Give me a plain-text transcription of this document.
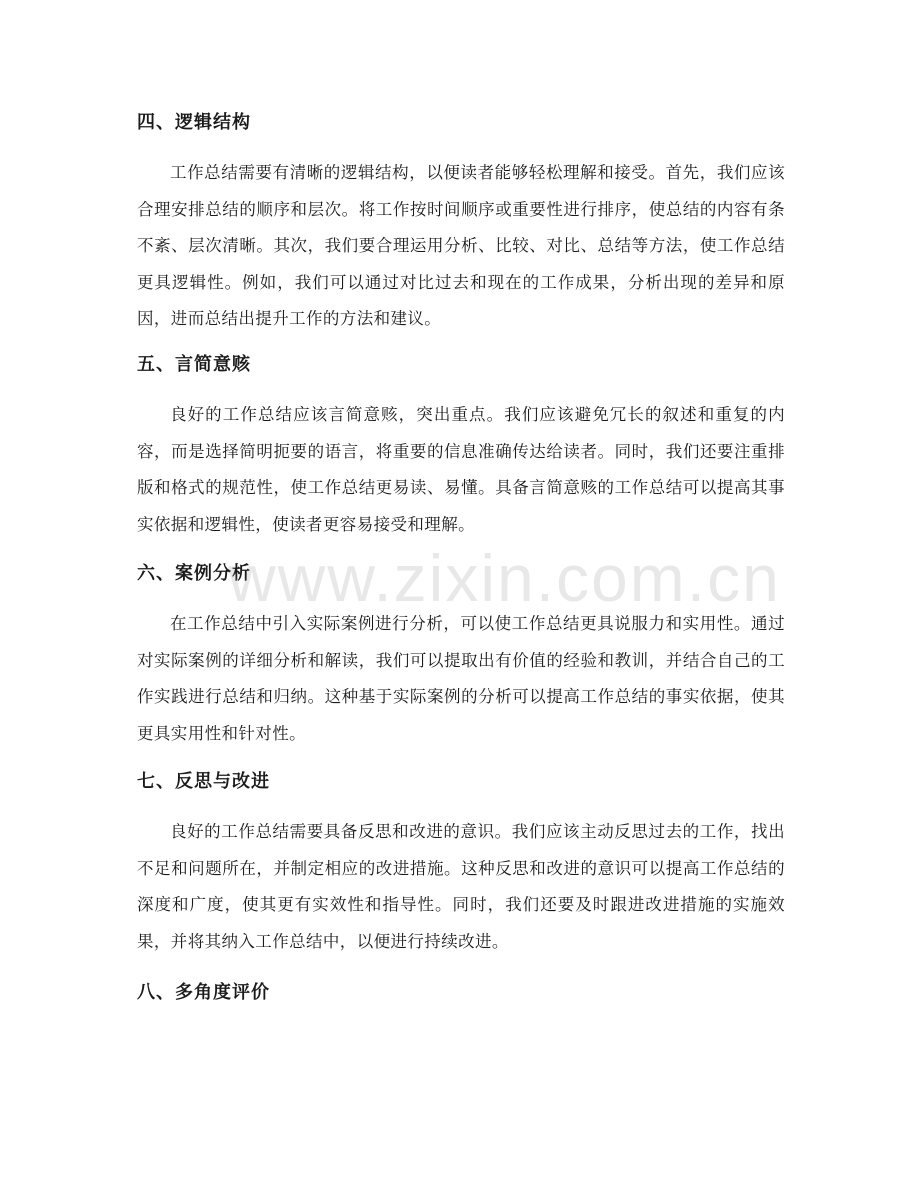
四、逻辑结构

工作总结需要有清晰的逻辑结构，以便读者能够轻松理解和接受。首先，我们应该合理安排总结的顺序和层次。将工作按时间顺序或重要性进行排序，使总结的内容有条不紊、层次清晰。其次，我们要合理运用分析、比较、对比、总结等方法，使工作总结更具逻辑性。例如，我们可以通过对比过去和现在的工作成果，分析出现的差异和原因，进而总结出提升工作的方法和建议。

五、言简意赅

良好的工作总结应该言简意赅，突出重点。我们应该避免冗长的叙述和重复的内容，而是选择简明扼要的语言，将重要的信息准确传达给读者。同时，我们还要注重排版和格式的规范性，使工作总结更易读、易懂。具备言简意赅的工作总结可以提高其事实依据和逻辑性，使读者更容易接受和理解。

六、案例分析

在工作总结中引入实际案例进行分析，可以使工作总结更具说服力和实用性。通过对实际案例的详细分析和解读，我们可以提取出有价值的经验和教训，并结合自己的工作实践进行总结和归纳。这种基于实际案例的分析可以提高工作总结的事实依据，使其更具实用性和针对性。

七、反思与改进

良好的工作总结需要具备反思和改进的意识。我们应该主动反思过去的工作，找出不足和问题所在，并制定相应的改进措施。这种反思和改进的意识可以提高工作总结的深度和广度，使其更有实效性和指导性。同时，我们还要及时跟进改进措施的实施效果，并将其纳入工作总结中，以便进行持续改进。

八、多角度评价
www.zixin.com.cn
